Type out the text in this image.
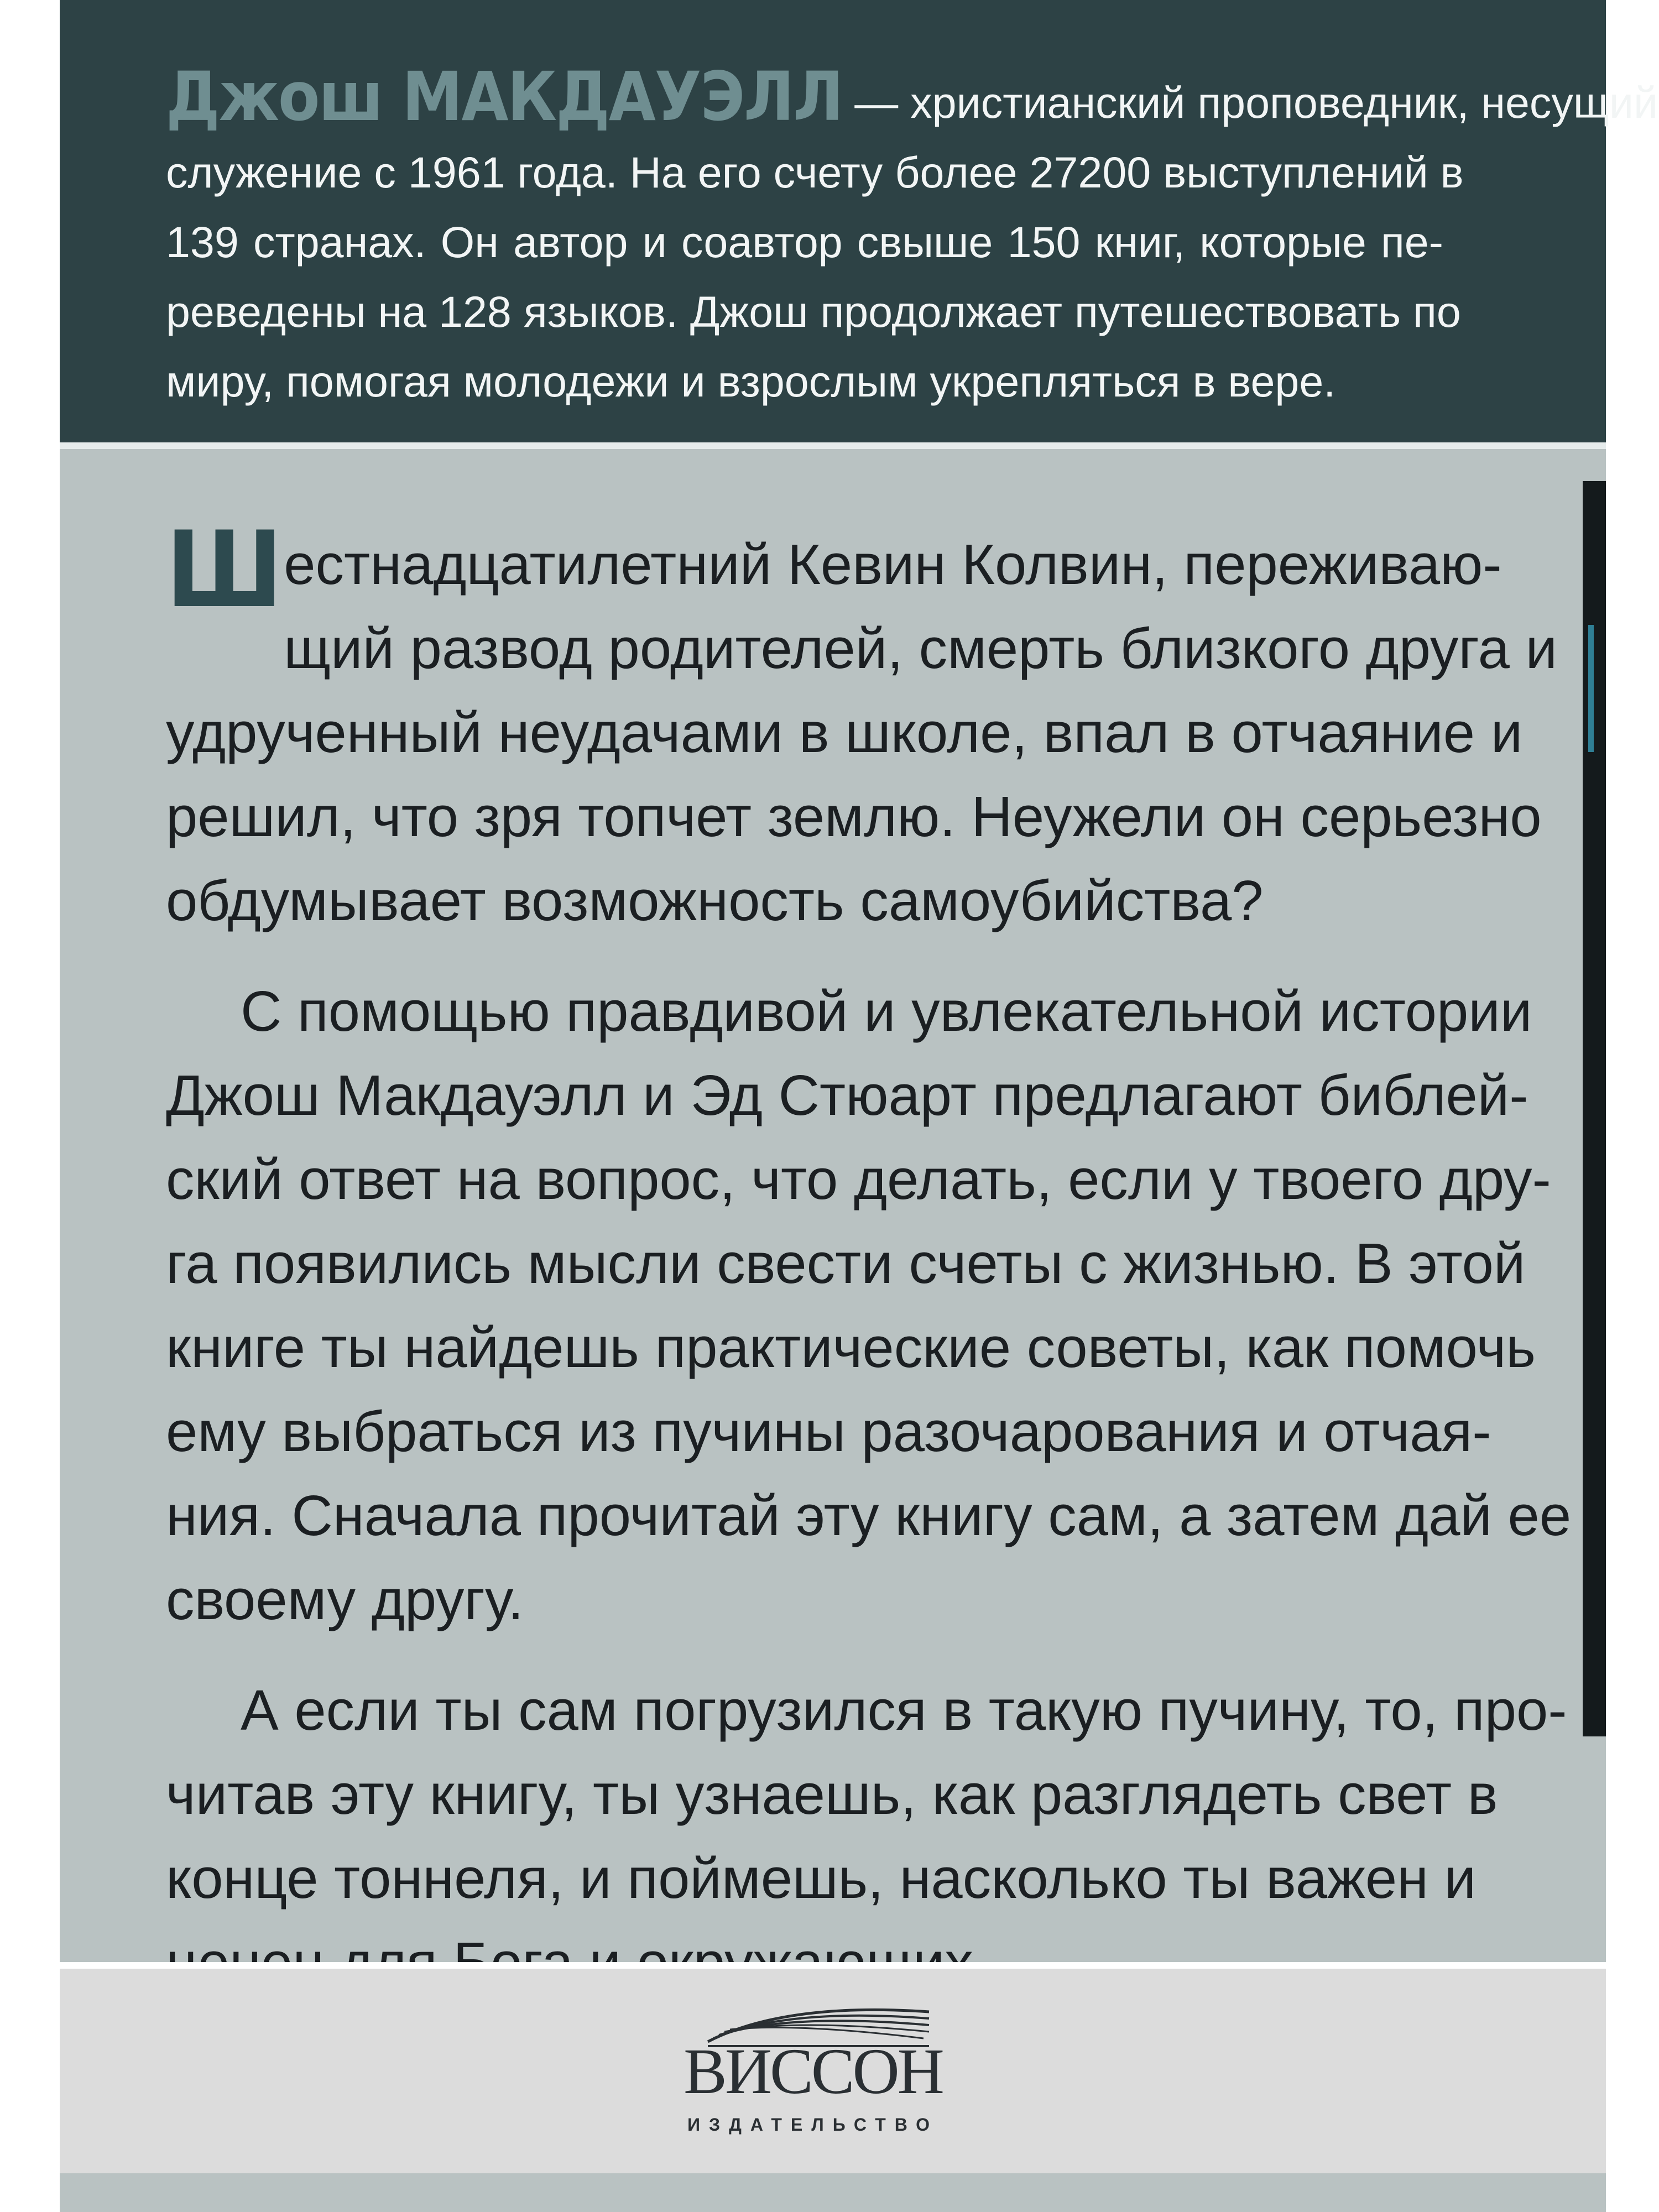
Джош МАКДАУЭЛЛ — христианский проповедник, несущий
служение с 1961 года. На его счету более 27200 выступлений в
139 странах. Он автор и соавтор свыше 150 книг, которые пе-
реведены на 128 языков. Джош продолжает путешествовать по
миру, помогая молодежи и взрослым укрепляться в вере.
Ш естнадцатилетний Кевин Колвин, переживаю-
щий развод родителей, смерть близкого друга и
удрученный неудачами в школе, впал в отчаяние и
решил, что зря топчет землю. Неужели он серьезно
обдумывает возможность самоубийства?
С помощью правдивой и увлекательной истории
Джош Макдауэлл и Эд Стюарт предлагают библей-
ский ответ на вопрос, что делать, если у твоего дру-
га появились мысли свести счеты с жизнью. В этой
книге ты найдешь практические советы, как помочь
ему выбраться из пучины разочарования и отчая-
ния. Сначала прочитай эту книгу сам, а затем дай ее
своему другу.
А если ты сам погрузился в такую пучину, то, про-
читав эту книгу, ты узнаешь, как разглядеть свет в
конце тоннеля, и поймешь, насколько ты важен и
ВИССОН
ИЗДАТЕЛЬСТВО
